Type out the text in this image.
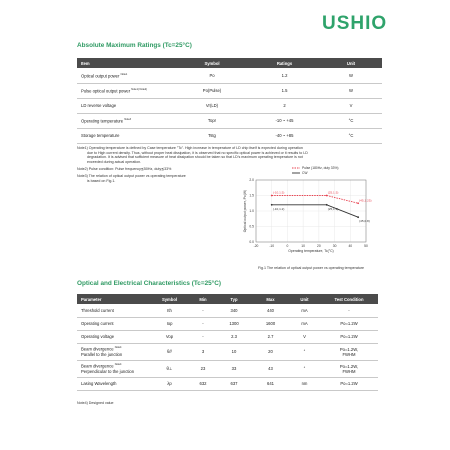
USHIO
Absolute Maximum Ratings (Tc=25°C)
Item	Symbol	Ratings	Unit
Optical output power $^{Note1}$	Po	1.2	W
Pulse optical output power $^{Note1) Note2)}$	Po(Pulse)	1.5	W
LD reverse voltage	Vr(LD)	2	V
Operating temperature $^{Note3}$	Topr	-10 ~ +45	°C
Storage temperature	Tstg	-40 ~ +85	°C

Note1) Operating temperature is defined by Case temperature "Tc". High increase in temperature of LD chip itself is expected during operation
due to High current density. Thus, without proper heat dissipation, it is observed that no specific optical power is achieved or it results to LD
degradation. It is advised that sufficient measure of heat dissipation should be taken so that LD's maximum operating temperature is not
exceeded during actual operation.

Note2) Pulse condition: Pulse frequency≦50Hz, duty≦33%

Note3) The relation of optical output power vs operating temperature
is based on Fig.1.

-20	-10	0	10	20	30	40	50
0.0
0.5
1.0
1.5
2.0
Operating temperature, Tc(°C)
Optical output power, Po(W)
Pulse (180Hz, duty 33%)
CW
(-10,1.5)
(-10,1.2)
(25,1.5)
(25,1.2)
(45,1.25)
(45,0.8)
Fig.1 The relation of optical output power vs operating temperature
Optical and Electrical Characteristics (Tc=25°C)
Parameter	Symbol	Min	Typ	Max	Unit	Test Condition
Threshold current	Ith	-	340	440	mA	-
Operating current	Iop	-	1300	1600	mA	Po=1.2W
Operating voltage	Vop	-	2.3	2.7	V	Po=1.2W
Beam divergence $^{Note4}$
Parallel to the junction	θ//	3	10	20	°	Po=1.2W,
FWHM
Beam divergence $^{Note4}$
Perpendicular to the junction	θ⊥	23	33	43	°	Po=1.2W,
FWHM
Lasing Wavelength	λp	632	637	641	nm	Po=1.2W
Note4) Designed value
